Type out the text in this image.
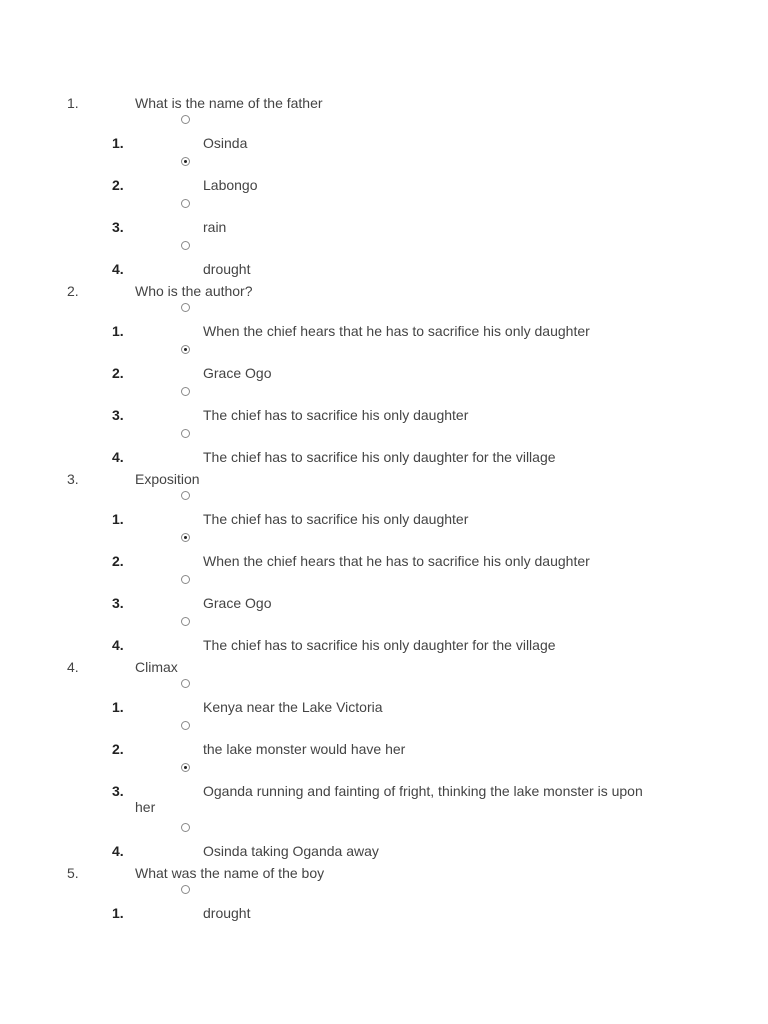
1.	What is the name of the father
1.	Osinda
2.	Labongo
3.	rain
4.	drought
2.	Who is the author?
1.	When the chief hears that he has to sacrifice his only daughter
2.	Grace Ogo
3.	The chief has to sacrifice his only daughter
4.	The chief has to sacrifice his only daughter for the village
3.	Exposition
1.	The chief has to sacrifice his only daughter
2.	When the chief hears that he has to sacrifice his only daughter
3.	Grace Ogo
4.	The chief has to sacrifice his only daughter for the village
4.	Climax
1.	Kenya near the Lake Victoria
2.	the lake monster would have her
3.	Oganda running and fainting of fright, thinking the lake monster is upon
her
4.	Osinda taking Oganda away
5.	What was the name of the boy
1.	drought
